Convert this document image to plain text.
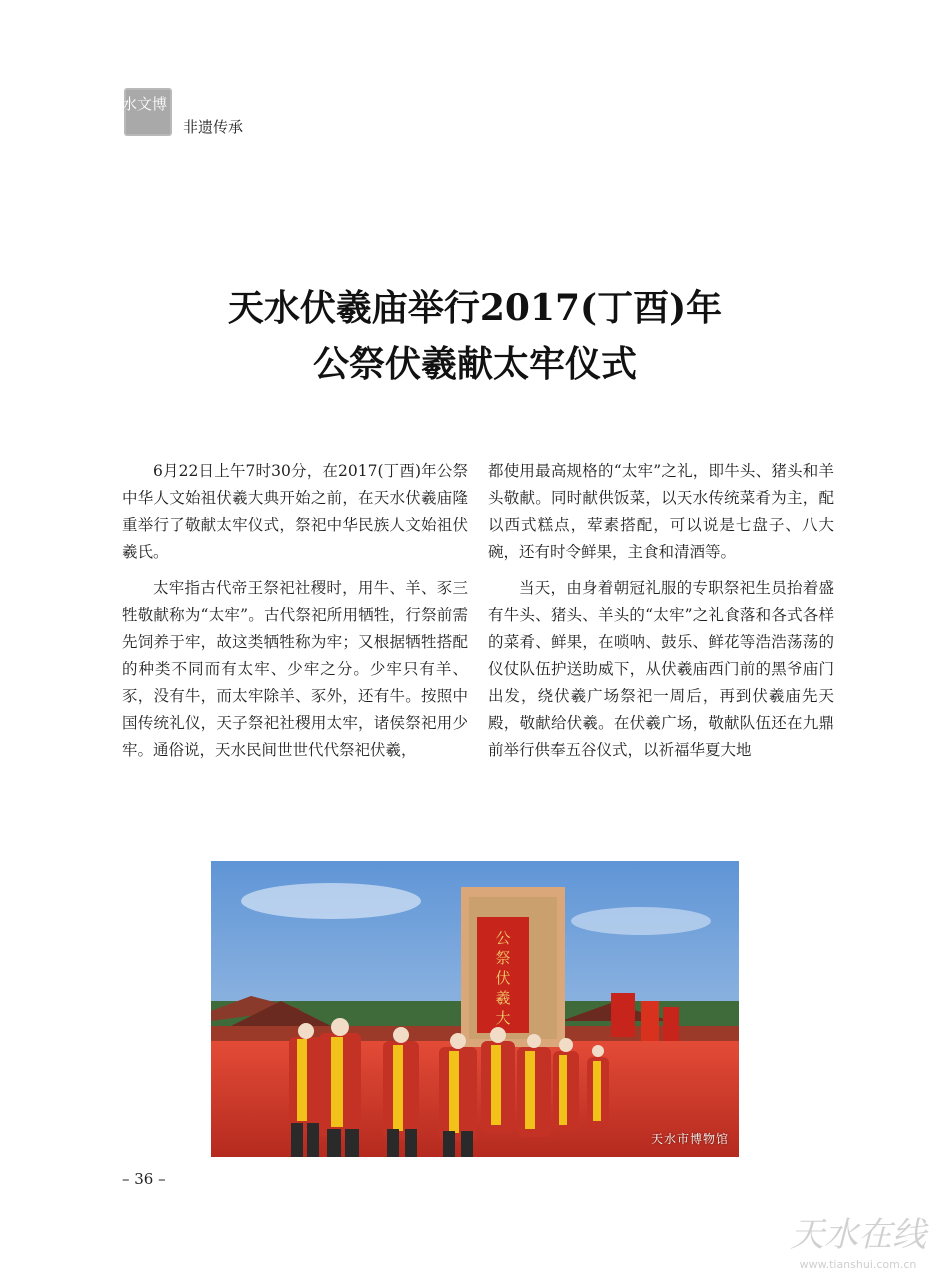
天水文博
非遗传承
天水伏羲庙举行2017(丁酉)年
公祭伏羲献太牢仪式

6月22日上午7时30分，在2017(丁酉)年公祭中华人文始祖伏羲大典开始之前，在天水伏羲庙隆重举行了敬献太牢仪式，祭祀中华民族人文始祖伏羲氏。

太牢指古代帝王祭祀社稷时，用牛、羊、豕三牲敬献称为“太牢”。古代祭祀所用牺牲，行祭前需先饲养于牢，故这类牺牲称为牢；又根据牺牲搭配的种类不同而有太牢、少牢之分。少牢只有羊、豕，没有牛，而太牢除羊、豕外，还有牛。按照中国传统礼仪，天子祭祀社稷用太牢，诸侯祭祀用少牢。通俗说，天水民间世世代代祭祀伏羲，

都使用最高规格的“太牢”之礼，即牛头、猪头和羊头敬献。同时献供饭菜，以天水传统菜肴为主，配以西式糕点，荤素搭配，可以说是七盘子、八大碗，还有时令鲜果，主食和清酒等。

当天，由身着朝冠礼服的专职祭祀生员抬着盛有牛头、猪头、羊头的“太牢”之礼食落和各式各样的菜肴、鲜果，在唢呐、鼓乐、鲜花等浩浩荡荡的仪仗队伍护送助威下，从伏羲庙西门前的黑爷庙门出发，绕伏羲广场祭祀一周后，再到伏羲庙先天殿，敬献给伏羲。在伏羲广场，敬献队伍还在九鼎前举行供奉五谷仪式，以祈福华夏大地

公
祭
伏
羲
大
天水市博物馆
– 36 –
天水在线
www.tianshui.com.cn
